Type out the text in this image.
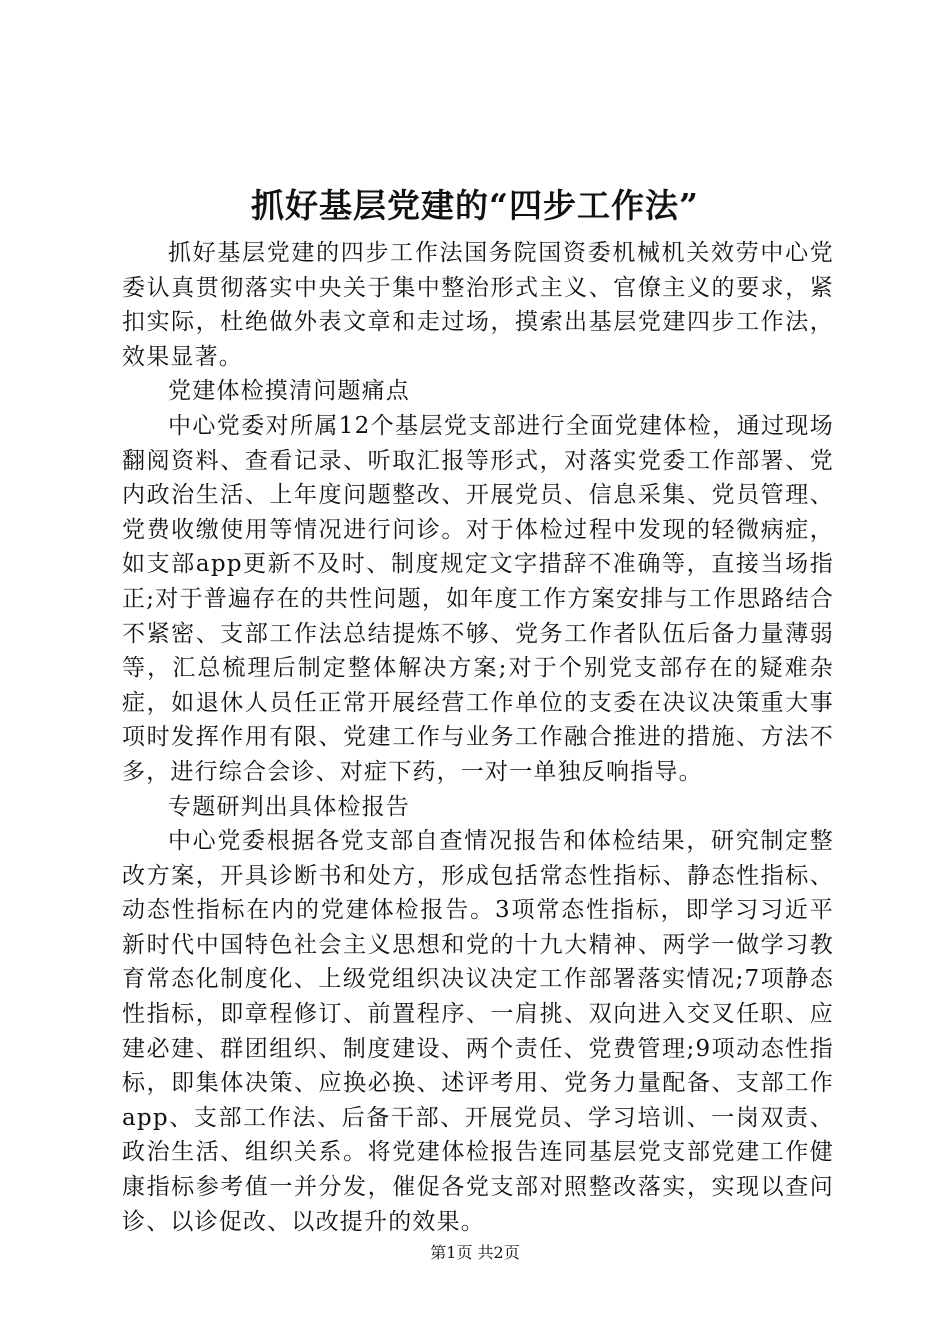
抓好基层党建的“四步工作法”

抓好基层党建的四步工作法国务院国资委机械机关效劳中心党委认真贯彻落实中央关于集中整治形式主义、官僚主义的要求，紧扣实际，杜绝做外表文章和走过场，摸索出基层党建四步工作法，效果显著。

党建体检摸清问题痛点

中心党委对所属12个基层党支部进行全面党建体检，通过现场翻阅资料、查看记录、听取汇报等形式，对落实党委工作部署、党内政治生活、上年度问题整改、开展党员、信息采集、党员管理、党费收缴使用等情况进行问诊。对于体检过程中发现的轻微病症，如支部app更新不及时、制度规定文字措辞不准确等，直接当场指正;对于普遍存在的共性问题，如年度工作方案安排与工作思路结合不紧密、支部工作法总结提炼不够、党务工作者队伍后备力量薄弱等，汇总梳理后制定整体解决方案;对于个别党支部存在的疑难杂症，如退休人员任正常开展经营工作单位的支委在决议决策重大事项时发挥作用有限、党建工作与业务工作融合推进的措施、方法不多，进行综合会诊、对症下药，一对一单独反响指导。

专题研判出具体检报告

中心党委根据各党支部自查情况报告和体检结果，研究制定整改方案，开具诊断书和处方，形成包括常态性指标、静态性指标、动态性指标在内的党建体检报告。3项常态性指标，即学习习近平新时代中国特色社会主义思想和党的十九大精神、两学一做学习教育常态化制度化、上级党组织决议决定工作部署落实情况;7项静态性指标，即章程修订、前置程序、一肩挑、双向进入交叉任职、应建必建、群团组织、制度建设、两个责任、党费管理;9项动态性指标，即集体决策、应换必换、述评考用、党务力量配备、支部工作app、支部工作法、后备干部、开展党员、学习培训、一岗双责、政治生活、组织关系。将党建体检报告连同基层党支部党建工作健康指标参考值一并分发，催促各党支部对照整改落实，实现以查问诊、以诊促改、以改提升的效果。

第1页 共2页
